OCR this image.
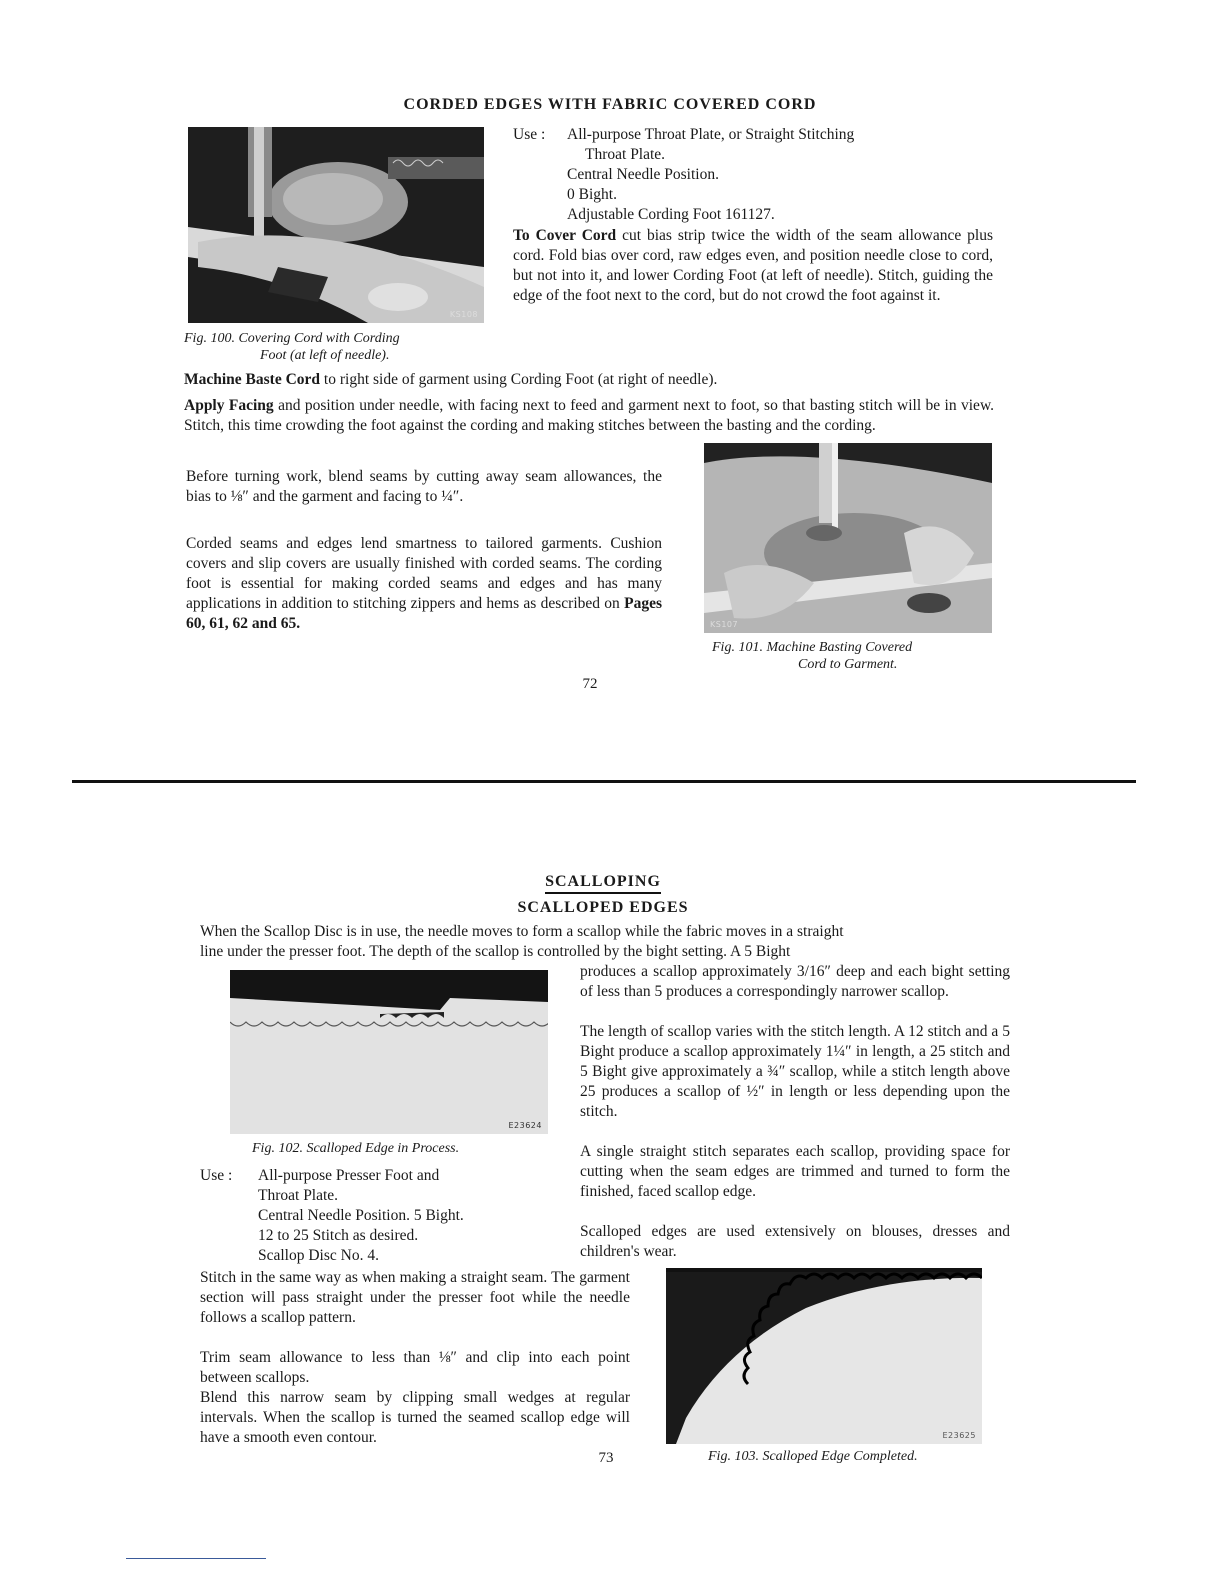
CORDED EDGES WITH FABRIC COVERED CORD
KS108
Fig. 100. Covering Cord with Cording
Foot (at left of needle).
Use :	All-purpose Throat Plate, or Straight Stitching
Throat Plate.
Central Needle Position.
0 Bight.
Adjustable Cording Foot 161127.
To Cover Cord cut bias strip twice the width of the seam allowance plus cord. Fold bias over cord, raw edges even, and position needle close to cord, but not into it, and lower Cording Foot (at left of needle). Stitch, guiding the edge of the foot next to the cord, but do not crowd the foot against it.
Machine Baste Cord to right side of garment using Cording Foot (at right of needle).
Apply Facing and position under needle, with facing next to feed and garment next to foot, so that basting stitch will be in view. Stitch, this time crowding the foot against the cording and making stitches between the basting and the cording.
Before turning work, blend seams by cutting away seam allowances, the bias to ⅛″ and the garment and facing to ¼″.
Corded seams and edges lend smartness to tailored garments. Cushion covers and slip covers are usually finished with corded seams. The cording foot is essential for making corded seams and edges and has many applications in addition to stitching zippers and hems as described on Pages 60, 61, 62 and 65.	KS107
Fig. 101. Machine Basting Covered
Cord to Garment.
72
SCALLOPING
SCALLOPED EDGES
When the Scallop Disc is in use, the needle moves to form a scallop while the fabric moves in a straight
line under the presser foot. The depth of the scallop is controlled by the bight setting. A 5 Bight
produces a scallop approximately 3/16″ deep and each bight setting of less than 5 produces a correspondingly narrower scallop.
The length of scallop varies with the stitch length. A 12 stitch and a 5 Bight produce a scallop approximately 1¼″ in length, a 25 stitch and 5 Bight give approximately a ¾″ scallop, while a stitch length above 25 produces a scallop of ½″ in length or less depending upon the stitch.
A single straight stitch separates each scallop, providing space for cutting when the seam edges are trimmed and turned to form the finished, faced scallop edge.
Scalloped edges are used extensively on blouses, dresses and children's wear.
E23624
Fig. 102. Scalloped Edge in Process.
Use :	All-purpose Presser Foot and
Throat Plate.
Central Needle Position. 5 Bight.
12 to 25 Stitch as desired.
Scallop Disc No. 4.
Stitch in the same way as when making a straight seam. The garment section will pass straight under the presser foot while the needle follows a scallop pattern.
Trim seam allowance to less than ⅛″ and clip into each point between scallops.
Blend this narrow seam by clipping small wedges at regular intervals. When the scallop is turned the seamed scallop edge will have a smooth even contour.	E23625
Fig. 103. Scalloped Edge Completed.
73
